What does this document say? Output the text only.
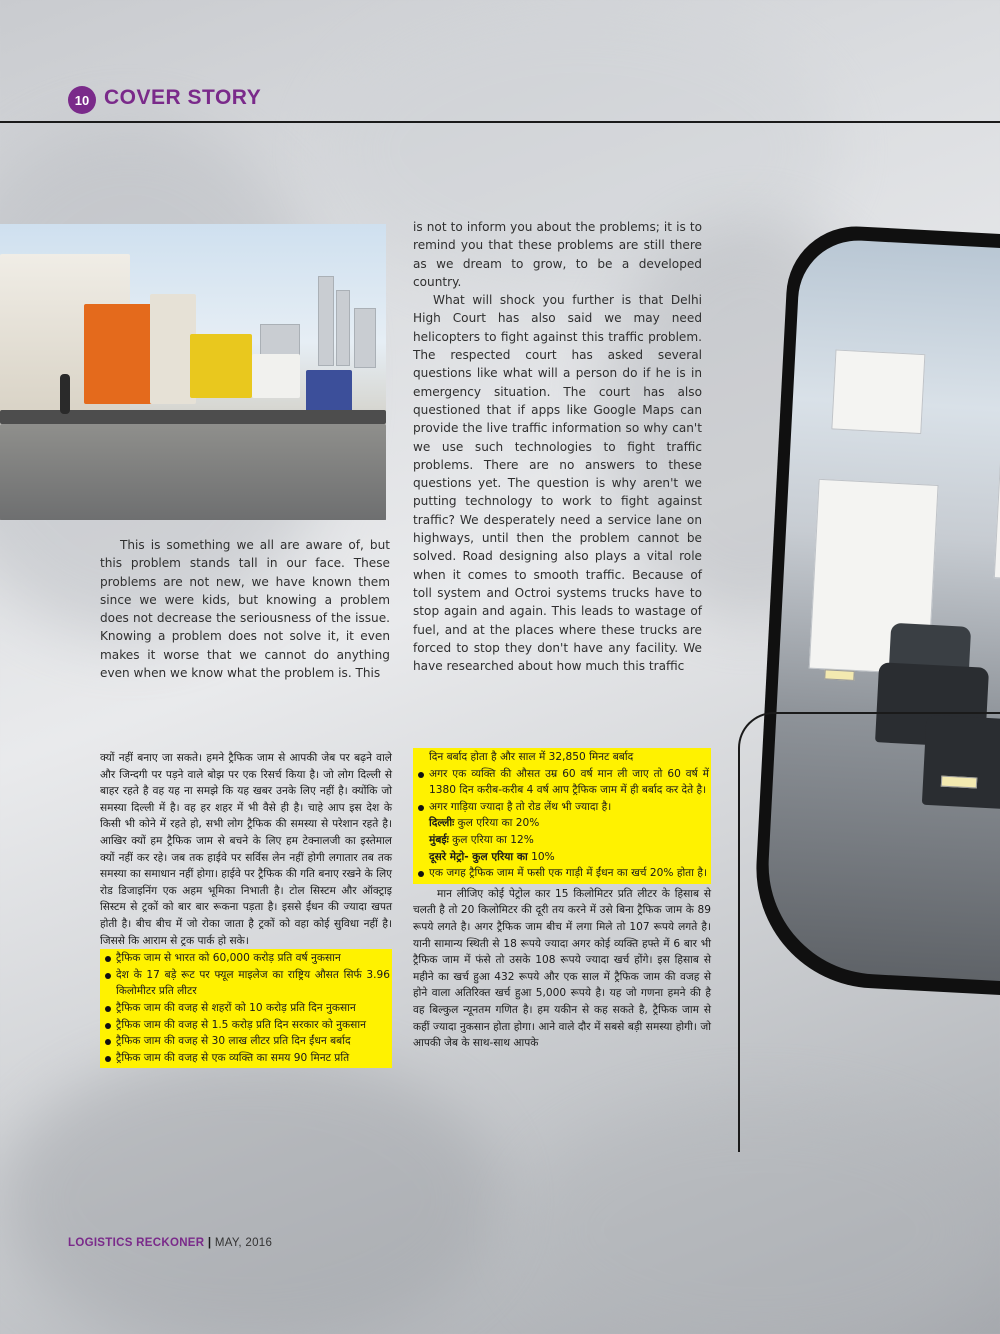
10 COVER STORY

This is something we all are aware of, but this problem stands tall in our face. These problems are not new, we have known them since we were kids, but knowing a problem does not decrease the seriousness of the issue. Knowing a problem does not solve it, it even makes it worse that we cannot do anything even when we know what the problem is. This

is not to inform you about the problems; it is to remind you that these problems are still there as we dream to grow, to be a developed country.

What will shock you further is that Delhi High Court has also said we may need helicopters to fight against this traffic problem. The respected court has asked several questions like what will a person do if he is in emergency situation. The court has also questioned that if apps like Google Maps can provide the live traffic information so why can't we use such technologies to fight traffic problems. There are no answers to these questions yet. The question is why aren't we putting technology to work to fight against traffic? We desperately need a service lane on highways, until then the problem cannot be solved. Road designing also plays a vital role when it comes to smooth traffic. Because of toll system and Octroi systems trucks have to stop again and again. This leads to wastage of fuel, and at the places where these trucks are forced to stop they don't have any facility. We have researched about how much this traffic

क्यों नहीं बनाए जा सकते। हमने ट्रैफिक जाम से आपकी जेब पर बढ़ने वाले और जिन्दगी पर पड़ने वाले बोझ पर एक रिसर्च किया है। जो लोग दिल्ली से बाहर रहते है वह यह ना समझे कि यह खबर उनके लिए नहीं है। क्योंकि जो समस्या दिल्ली में है। वह हर शहर में भी वैसे ही है। चाहे आप इस देश के किसी भी कोने में रहते हो, सभी लोग ट्रैफिक की समस्या से परेशान रहते है। आखिर क्यों हम ट्रैफिक जाम से बचने के लिए हम टेक्नालजी का इस्तेमाल क्यों नहीं कर रहे। जब तक हाईवे पर सर्विस लेन नहीं होगी लगातार तब तक समस्या का समाधान नहीं होगा। हाईवे पर ट्रैफिक की गति बनाए रखने के लिए रोड डिजाइनिंग एक अहम भूमिका निभाती है। टोल सिस्टम और ऑक्ट्राइ सिस्टम से ट्रकों को बार बार रूकना पड़ता है। इससे ईंधन की ज्यादा खपत होती है। बीच बीच में जो रोका जाता है ट्रकों को वहा कोई सुविधा नहीं है। जिससे कि आराम से ट्रक पार्क हो सके।

ट्रैफिक जाम से भारत को 60,000 करोड़ प्रति वर्ष नुकसान
देश के 17 बड़े रूट पर फ्यूल माइलेज का राष्ट्रिय औसत सिर्फ 3.96 किलोमीटर प्रति लीटर
ट्रैफिक जाम की वजह से शहरों को 10 करोड़ प्रति दिन नुकसान
ट्रैफिक जाम की वजह से 1.5 करोड़ प्रति दिन सरकार को नुकसान
ट्रैफिक जाम की वजह से 30 लाख लीटर प्रति दिन ईंधन बर्बाद
ट्रैफिक जाम की वजह से एक व्यक्ति का समय 90 मिनट प्रति
दिन बर्बाद होता है और साल में 32,850 मिनट बर्बाद
अगर एक व्यक्ति की औसत उम्र 60 वर्ष मान ली जाए तो 60 वर्ष में 1380 दिन करीब-करीब 4 वर्ष आप ट्रैफिक जाम में ही बर्बाद कर देते है।
अगर गाड़िया ज्यादा है तो रोड लेंथ भी ज्यादा है।
दिल्लीः कुल एरिया का 20%
मुंबईः कुल एरिया का 12%
दूसरे मेट्रो- कुल एरिया का 10%
एक जगह ट्रैफिक जाम में फसी एक गाड़ी में ईंधन का खर्च 20% होता है।

मान लीजिए कोई पेट्रोल कार 15 किलोमिटर प्रति लीटर के हिसाब से चलती है तो 20 किलोमिटर की दूरी तय करने में उसे बिना ट्रैफिक जाम के 89 रूपये लगते है। अगर ट्रैफिक जाम बीच में लगा मिले तो 107 रूपये लगते है। यानी सामान्य स्थिती से 18 रूपये ज्यादा अगर कोई व्यक्ति हफ्ते में 6 बार भी ट्रैफिक जाम में फंसे तो उसके 108 रूपये ज्यादा खर्च होंगे। इस हिसाब से महीने का खर्च हुआ 432 रूपये और एक साल में ट्रैफिक जाम की वजह से होने वाला अतिरिक्त खर्च हुआ 5,000 रूपये है। यह जो गणना हमने की है वह बिल्कुल न्यूनतम गणित है। हम यकीन से कह सकते है, ट्रैफिक जाम से कहीं ज्यादा नुकसान होता होगा। आने वाले दौर में सबसे बड़ी समस्या होगी। जो आपकी जेब के साथ-साथ आपके

LOGISTICS RECKONER | MAY, 2016
